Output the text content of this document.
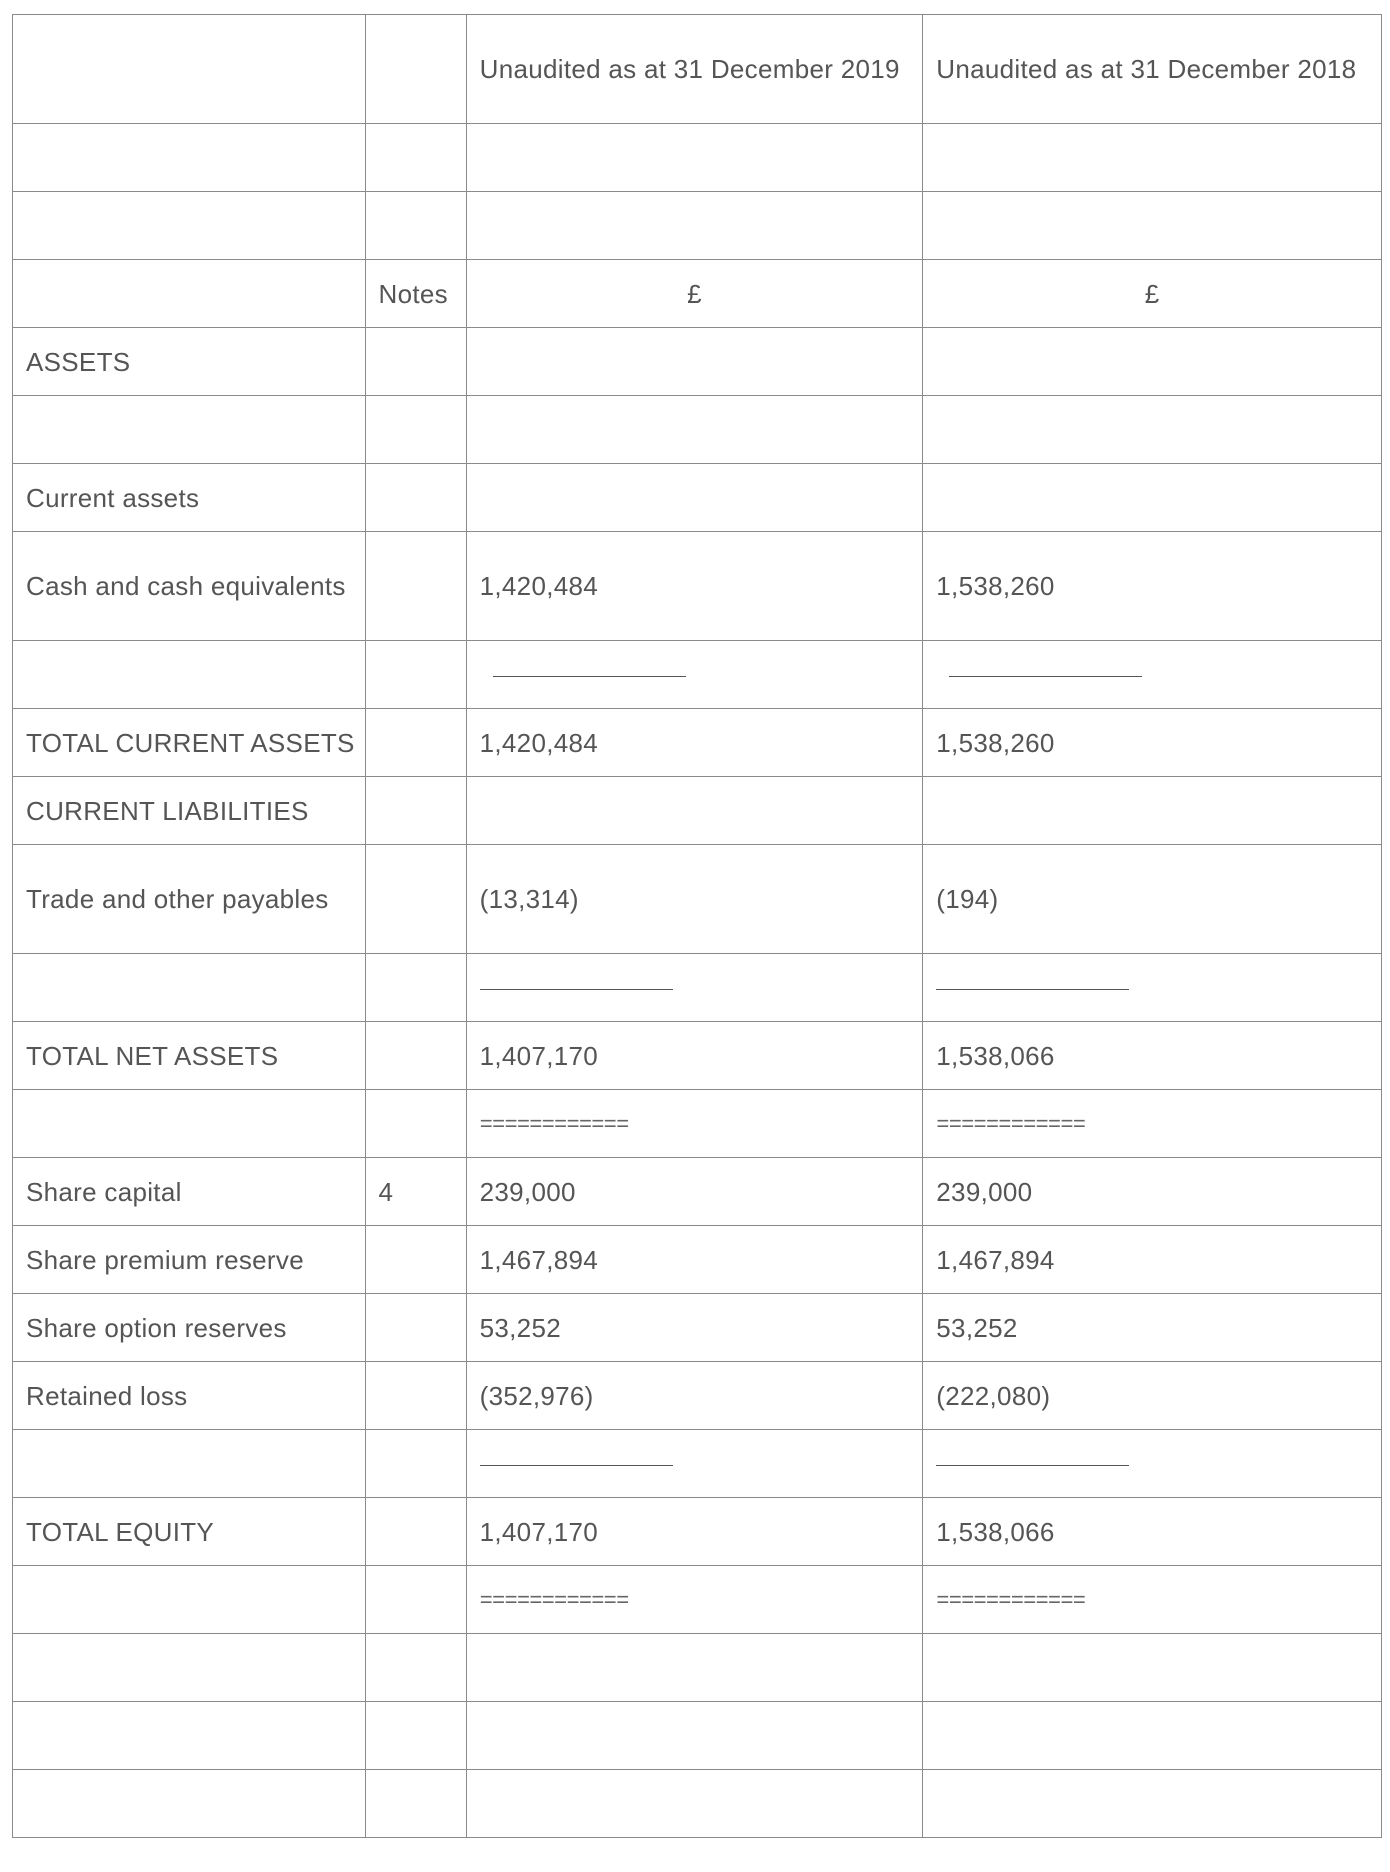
		Unaudited as at 31 December 2019	Unaudited as at 31 December 2018

	Notes	£	£
ASSETS			

Current assets			
Cash and cash equivalents		1,420,484	1,538,260

TOTAL CURRENT ASSETS		1,420,484	1,538,260
CURRENT LIABILITIES			
Trade and other payables		(13,314)	(194)

TOTAL NET ASSETS		1,407,170	1,538,066
		============	============
Share capital	4	239,000	239,000
Share premium reserve		1,467,894	1,467,894
Share option reserves		53,252	53,252
Retained loss		(352,976)	(222,080)

TOTAL EQUITY		1,407,170	1,538,066
		============	============
